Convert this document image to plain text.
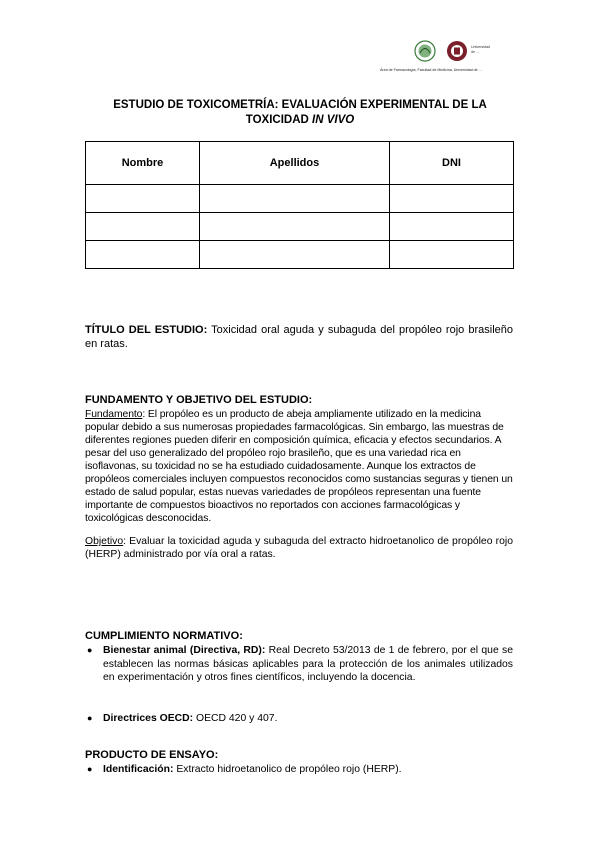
Universidad
de ...
Área de Farmacología, Facultad de Medicina, Universidad de ...
ESTUDIO DE TOXICOMETRÍA: EVALUACIÓN EXPERIMENTAL DE LA TOXICIDAD IN VIVO
Nombre	Apellidos	DNI

TÍTULO DEL ESTUDIO: Toxicidad oral aguda y subaguda del propóleo rojo brasileño en ratas.
FUNDAMENTO Y OBJETIVO DEL ESTUDIO:
Fundamento: El propóleo es un producto de abeja ampliamente utilizado en la medicina popular debido a sus numerosas propiedades farmacológicas. Sin embargo, las muestras de diferentes regiones pueden diferir en composición química, eficacia y efectos secundarios. A pesar del uso generalizado del propóleo rojo brasileño, que es una variedad rica en isoflavonas, su toxicidad no se ha estudiado cuidadosamente. Aunque los extractos de propóleos comerciales incluyen compuestos reconocidos como sustancias seguras y tienen un estado de salud popular, estas nuevas variedades de propóleos representan una fuente importante de compuestos bioactivos no reportados con acciones farmacológicas y toxicológicas desconocidas.
Objetivo: Evaluar la toxicidad aguda y subaguda del extracto hidroetanolico de propóleo rojo (HERP) administrado por vía oral a ratas.
CUMPLIMIENTO NORMATIVO:
● Bienestar animal (Directiva, RD): Real Decreto 53/2013 de 1 de febrero, por el que se establecen las normas básicas aplicables para la protección de los animales utilizados en experimentación y otros fines científicos, incluyendo la docencia.
● Directrices OECD: OECD 420 y 407.
PRODUCTO DE ENSAYO:
● Identificación: Extracto hidroetanolico de propóleo rojo (HERP).
